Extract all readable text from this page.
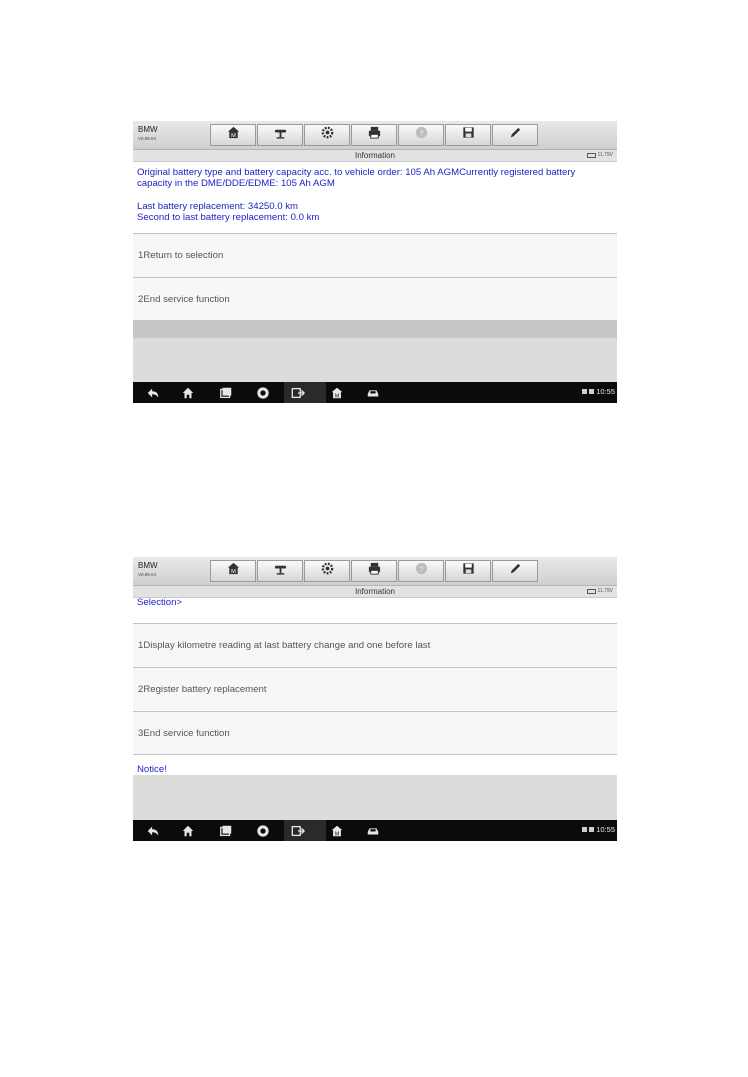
BMW
V0.99.04	M	?
Information	11.79V

Original battery type and battery capacity acc. to vehicle order: 105 Ah AGMCurrently registered battery capacity in the DME/DDE/EDME: 105 Ah AGM

Last battery replacement: 34250.0 km

Second to last battery replacement: 0.0 km

1Return to selection
2End service function
M
10:55
BMW
V0.99.04	M	?
Information	11.79V
Selection>
1Display kilometre reading at last battery change and one before last
2Register battery replacement
3End service function
Notice!
M
10:55
